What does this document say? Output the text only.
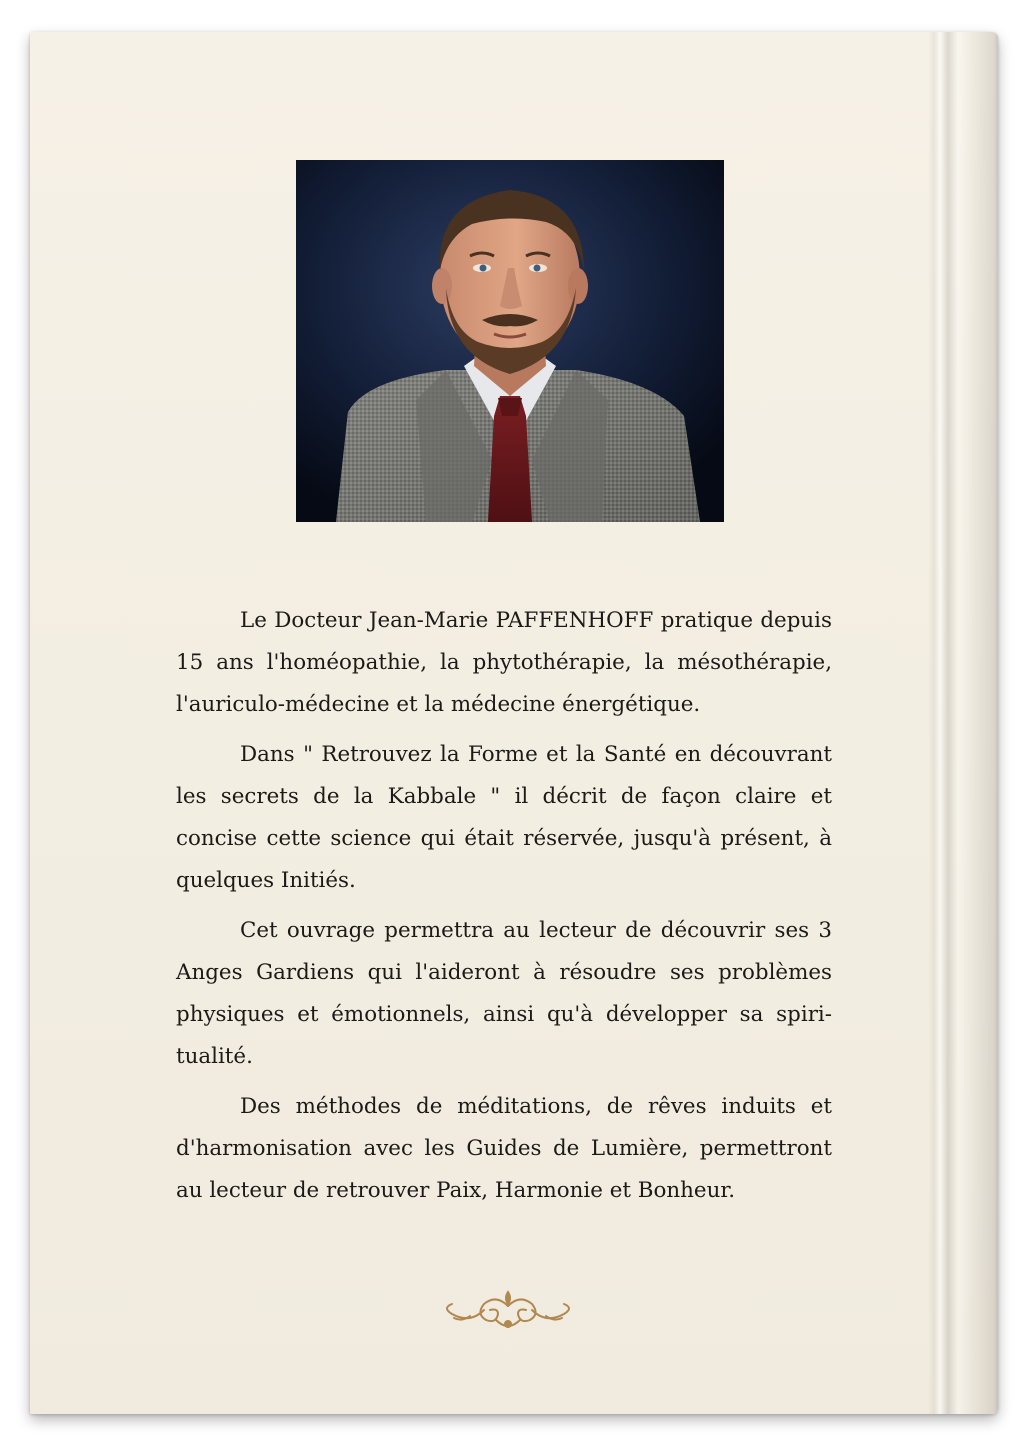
Le Docteur Jean-Marie PAFFENHOFF pratique depuis 15 ans l'homéopathie, la phytothérapie, la mésothérapie, l'auriculo-médecine et la médecine énergétique.

Dans " Retrouvez la Forme et la Santé en découvrant les secrets de la Kabbale " il décrit de façon claire et concise cette science qui était réservée, jusqu'à présent, à quelques Initiés.

Cet ouvrage permettra au lecteur de découvrir ses 3 Anges Gardiens qui l'aideront à résoudre ses problèmes physiques et émotionnels, ainsi qu'à développer sa spiritualité.

Des méthodes de méditations, de rêves induits et d'harmonisation avec les Guides de Lumière, permettront au lecteur de retrouver Paix, Harmonie et Bonheur.
